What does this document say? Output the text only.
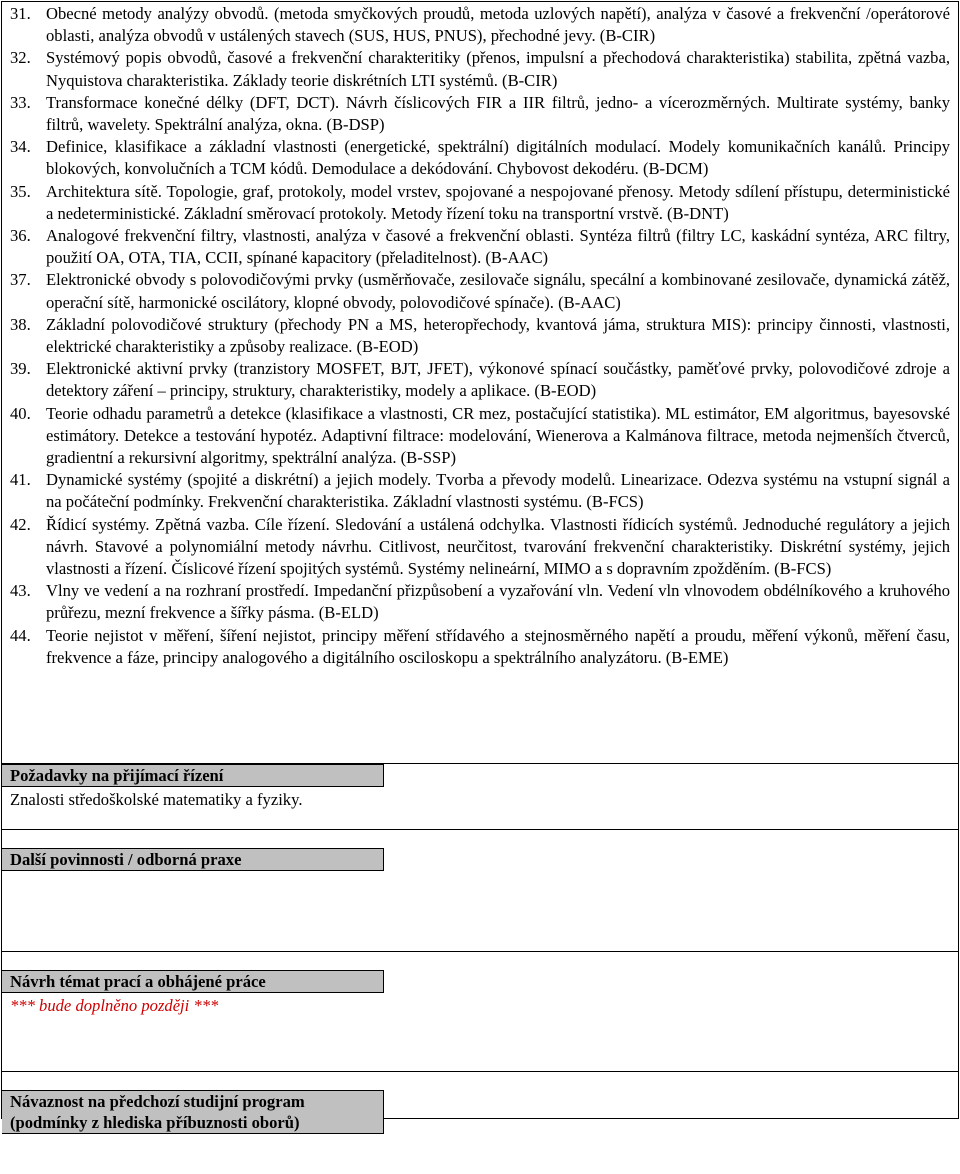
31. Obecné metody analýzy obvodů. (metoda smyčkových proudů, metoda uzlových napětí), analýza v časové a frekvenční /operátorové oblasti, analýza obvodů v ustálených stavech (SUS, HUS, PNUS), přechodné jevy. (B-CIR)

32. Systémový popis obvodů, časové a frekvenční charakteritiky (přenos, impulsní a přechodová charakteristika) stabilita, zpětná vazba, Nyquistova charakteristika. Základy teorie diskrétních LTI systémů. (B-CIR)

33. Transformace konečné délky (DFT, DCT). Návrh číslicových FIR a IIR filtrů, jedno- a vícerozměrných. Multirate systémy, banky filtrů, wavelety. Spektrální analýza, okna. (B-DSP)

34. Definice, klasifikace a základní vlastnosti (energetické, spektrální) digitálních modulací. Modely komunikačních kanálů. Principy blokových, konvolučních a TCM kódů. Demodulace a dekódování. Chybovost dekodéru. (B-DCM)

35. Architektura sítě. Topologie, graf, protokoly, model vrstev, spojované a nespojované přenosy. Metody sdílení přístupu, deterministické a nedeterministické. Základní směrovací protokoly. Metody řízení toku na transportní vrstvě. (B-DNT)

36. Analogové frekvenční filtry, vlastnosti, analýza v časové a frekvenční oblasti. Syntéza filtrů (filtry LC, kaskádní syntéza, ARC filtry, použití OA, OTA, TIA, CCII, spínané kapacitory (přeladitelnost). (B-AAC)

37. Elektronické obvody s polovodičovými prvky (usměrňovače, zesilovače signálu, specální a kombinované zesilovače, dynamická zátěž, operační sítě, harmonické oscilátory, klopné obvody, polovodičové spínače). (B-AAC)

38. Základní polovodičové struktury (přechody PN a MS, heteropřechody, kvantová jáma, struktura MIS): principy činnosti, vlastnosti, elektrické charakteristiky a způsoby realizace. (B-EOD)

39. Elektronické aktivní prvky (tranzistory MOSFET, BJT, JFET), výkonové spínací součástky, paměťové prvky, polovodičové zdroje a detektory záření – principy, struktury, charakteristiky, modely a aplikace. (B-EOD)

40. Teorie odhadu parametrů a detekce (klasifikace a vlastnosti, CR mez, postačující statistika). ML estimátor, EM algoritmus, bayesovské estimátory. Detekce a testování hypotéz. Adaptivní filtrace: modelování, Wienerova a Kalmánova filtrace, metoda nejmenších čtverců, gradientní a rekursivní algoritmy, spektrální analýza. (B-SSP)

41. Dynamické systémy (spojité a diskrétní) a jejich modely. Tvorba a převody modelů. Linearizace. Odezva systému na vstupní signál a na počáteční podmínky. Frekvenční charakteristika. Základní vlastnosti systému. (B-FCS)

42. Řídicí systémy. Zpětná vazba. Cíle řízení. Sledování a ustálená odchylka. Vlastnosti řídicích systémů. Jednoduché regulátory a jejich návrh. Stavové a polynomiální metody návrhu. Citlivost, neurčitost, tvarování frekvenční charakteristiky. Diskrétní systémy, jejich vlastnosti a řízení. Číslicové řízení spojitých systémů. Systémy nelineární, MIMO a s dopravním zpožděním. (B-FCS)

43. Vlny ve vedení a na rozhraní prostředí. Impedanční přizpůsobení a vyzařování vln. Vedení vln vlnovodem obdélníkového a kruhového průřezu, mezní frekvence a šířky pásma. (B-ELD)

44. Teorie nejistot v měření, šíření nejistot, principy měření střídavého a stejnosměrného napětí a proudu, měření výkonů, měření času, frekvence a fáze, principy analogového a digitálního osciloskopu a spektrálního analyzátoru. (B-EME)

Požadavky na přijímací řízení
Znalosti středoškolské matematiky a fyziky.
Další povinnosti / odborná praxe
Návrh témat prací a obhájené práce
*** bude doplněno později ***
Návaznost na předchozí studijní program
(podmínky z hlediska příbuznosti oborů)
